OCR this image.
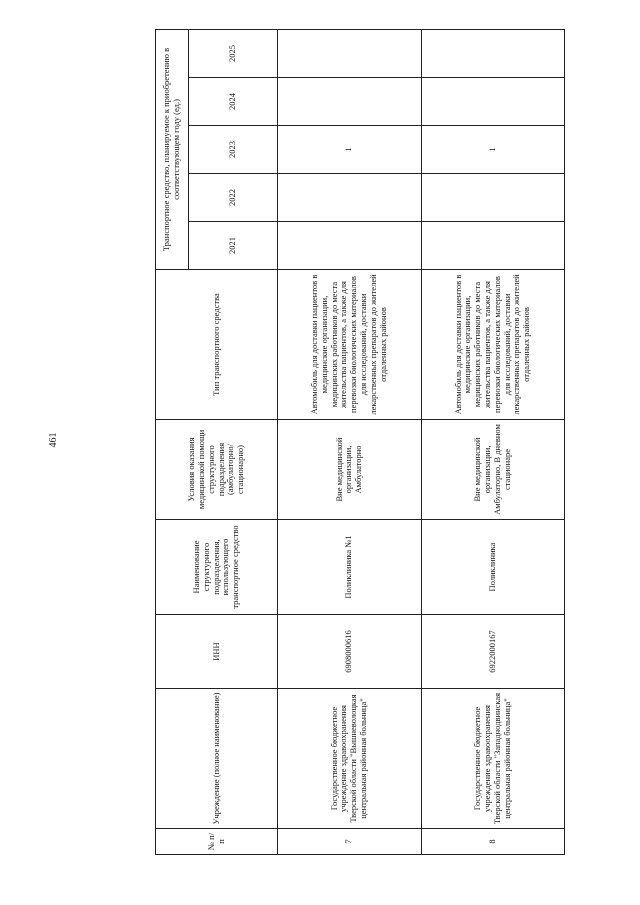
461
№ п/п	Учреждение (полное наименование)	ИНН	Наименование структурного подразделения, использующего транспортное средство	Условия оказания медицинской помощи структурного подразделения (амбулаторно/стационарно)	Тип транспортного средства	Транспортное средство, планируемое к приобретению в соответствующем году (ед.)				
						2021	2022	2023	2024	2025
7	Государственное бюджетное учреждение здравоохранения Тверской области "Вышневолоцкая центральная районная больница"	6908000616	Поликлиника №1	Вне медицинской организации, Амбулаторно	Автомобиль для доставки пациентов в медицинские организации, медицинских работников до места жительства пациентов, а также для перевозки биологических материалов для исследований, доставки лекарственных препаратов до жителей отдаленных районов			1		
8	Государственное бюджетное учреждение здравоохранения Тверской области "Западнодвинская центральная районная больница"	6922000167	Поликлиника	Вне медицинской организации, Амбулаторно, В дневном стационаре	Автомобиль для доставки пациентов в медицинские организации, медицинских работников до места жительства пациентов, а также для перевозки биологических материалов для исследований, доставки лекарственных препаратов до жителей отдаленных районов			1		
